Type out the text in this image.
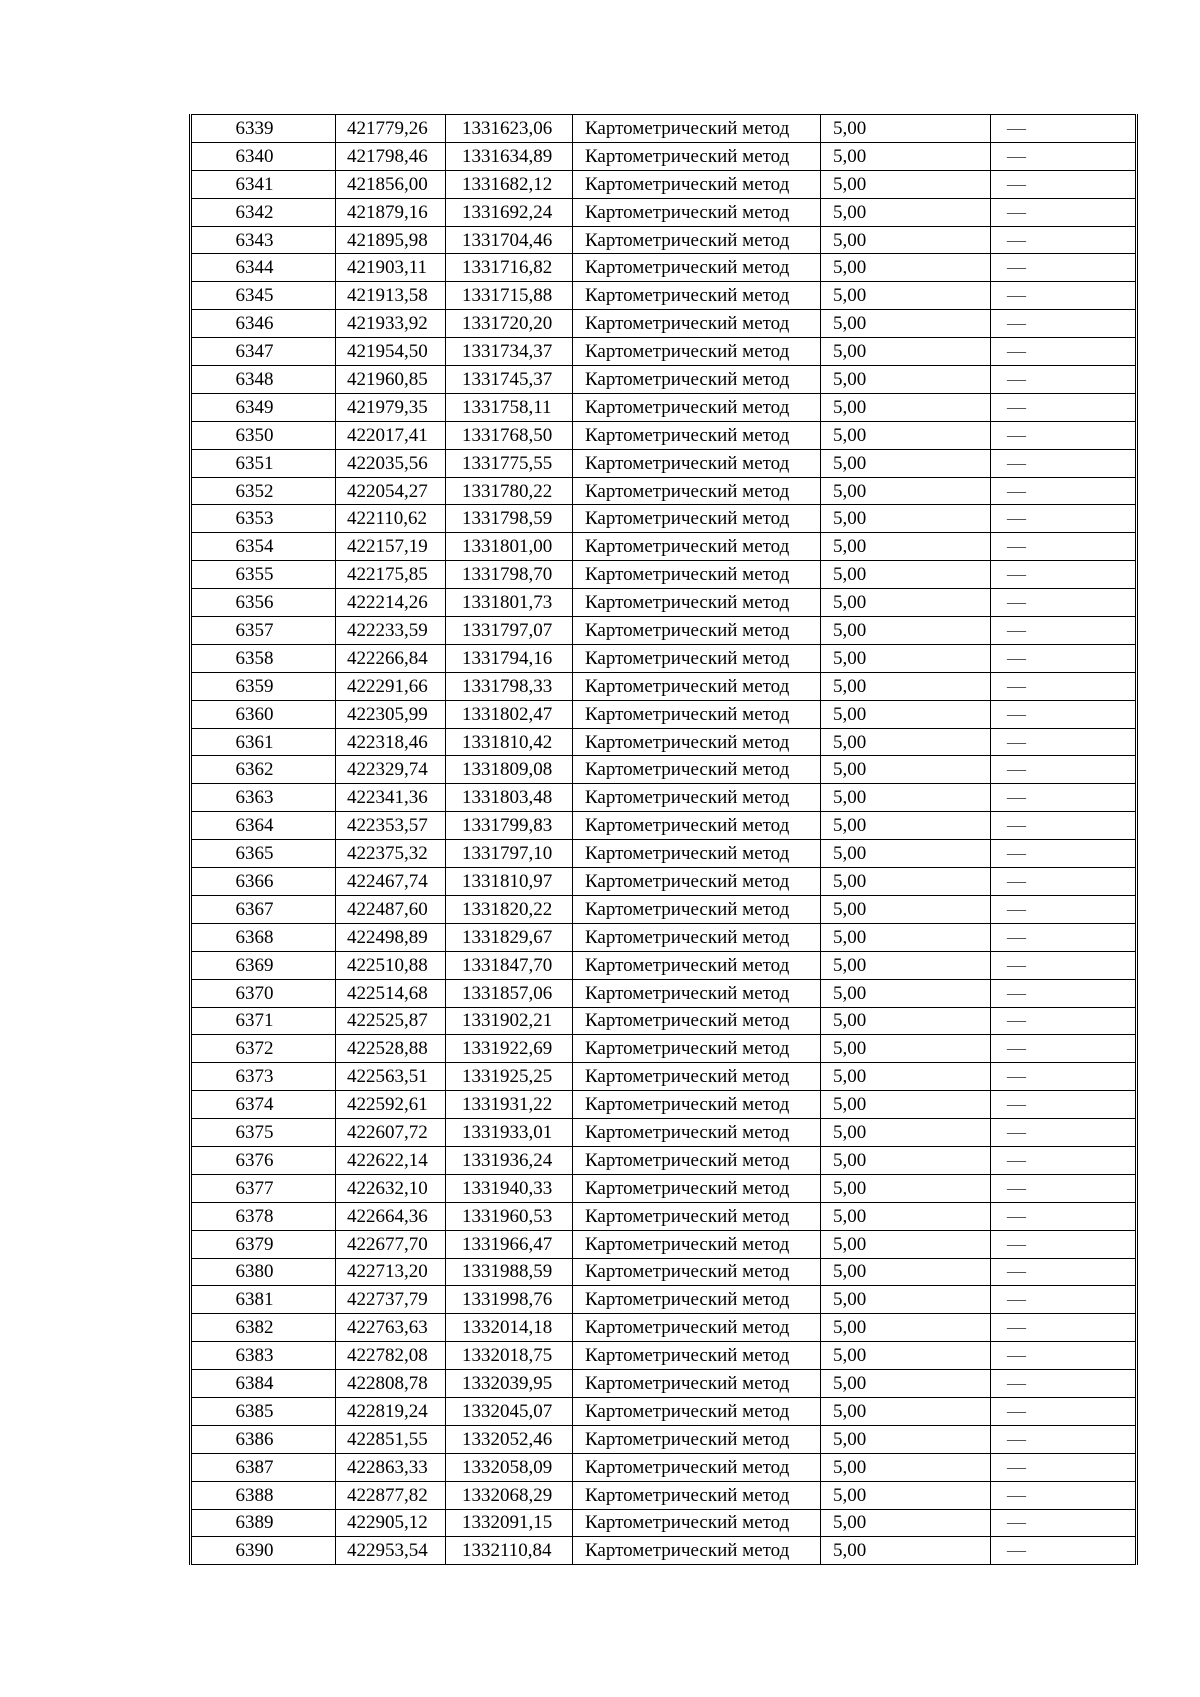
6339	421779,26	1331623,06	Картометрический метод	5,00	—
6340	421798,46	1331634,89	Картометрический метод	5,00	—
6341	421856,00	1331682,12	Картометрический метод	5,00	—
6342	421879,16	1331692,24	Картометрический метод	5,00	—
6343	421895,98	1331704,46	Картометрический метод	5,00	—
6344	421903,11	1331716,82	Картометрический метод	5,00	—
6345	421913,58	1331715,88	Картометрический метод	5,00	—
6346	421933,92	1331720,20	Картометрический метод	5,00	—
6347	421954,50	1331734,37	Картометрический метод	5,00	—
6348	421960,85	1331745,37	Картометрический метод	5,00	—
6349	421979,35	1331758,11	Картометрический метод	5,00	—
6350	422017,41	1331768,50	Картометрический метод	5,00	—
6351	422035,56	1331775,55	Картометрический метод	5,00	—
6352	422054,27	1331780,22	Картометрический метод	5,00	—
6353	422110,62	1331798,59	Картометрический метод	5,00	—
6354	422157,19	1331801,00	Картометрический метод	5,00	—
6355	422175,85	1331798,70	Картометрический метод	5,00	—
6356	422214,26	1331801,73	Картометрический метод	5,00	—
6357	422233,59	1331797,07	Картометрический метод	5,00	—
6358	422266,84	1331794,16	Картометрический метод	5,00	—
6359	422291,66	1331798,33	Картометрический метод	5,00	—
6360	422305,99	1331802,47	Картометрический метод	5,00	—
6361	422318,46	1331810,42	Картометрический метод	5,00	—
6362	422329,74	1331809,08	Картометрический метод	5,00	—
6363	422341,36	1331803,48	Картометрический метод	5,00	—
6364	422353,57	1331799,83	Картометрический метод	5,00	—
6365	422375,32	1331797,10	Картометрический метод	5,00	—
6366	422467,74	1331810,97	Картометрический метод	5,00	—
6367	422487,60	1331820,22	Картометрический метод	5,00	—
6368	422498,89	1331829,67	Картометрический метод	5,00	—
6369	422510,88	1331847,70	Картометрический метод	5,00	—
6370	422514,68	1331857,06	Картометрический метод	5,00	—
6371	422525,87	1331902,21	Картометрический метод	5,00	—
6372	422528,88	1331922,69	Картометрический метод	5,00	—
6373	422563,51	1331925,25	Картометрический метод	5,00	—
6374	422592,61	1331931,22	Картометрический метод	5,00	—
6375	422607,72	1331933,01	Картометрический метод	5,00	—
6376	422622,14	1331936,24	Картометрический метод	5,00	—
6377	422632,10	1331940,33	Картометрический метод	5,00	—
6378	422664,36	1331960,53	Картометрический метод	5,00	—
6379	422677,70	1331966,47	Картометрический метод	5,00	—
6380	422713,20	1331988,59	Картометрический метод	5,00	—
6381	422737,79	1331998,76	Картометрический метод	5,00	—
6382	422763,63	1332014,18	Картометрический метод	5,00	—
6383	422782,08	1332018,75	Картометрический метод	5,00	—
6384	422808,78	1332039,95	Картометрический метод	5,00	—
6385	422819,24	1332045,07	Картометрический метод	5,00	—
6386	422851,55	1332052,46	Картометрический метод	5,00	—
6387	422863,33	1332058,09	Картометрический метод	5,00	—
6388	422877,82	1332068,29	Картометрический метод	5,00	—
6389	422905,12	1332091,15	Картометрический метод	5,00	—
6390	422953,54	1332110,84	Картометрический метод	5,00	—
